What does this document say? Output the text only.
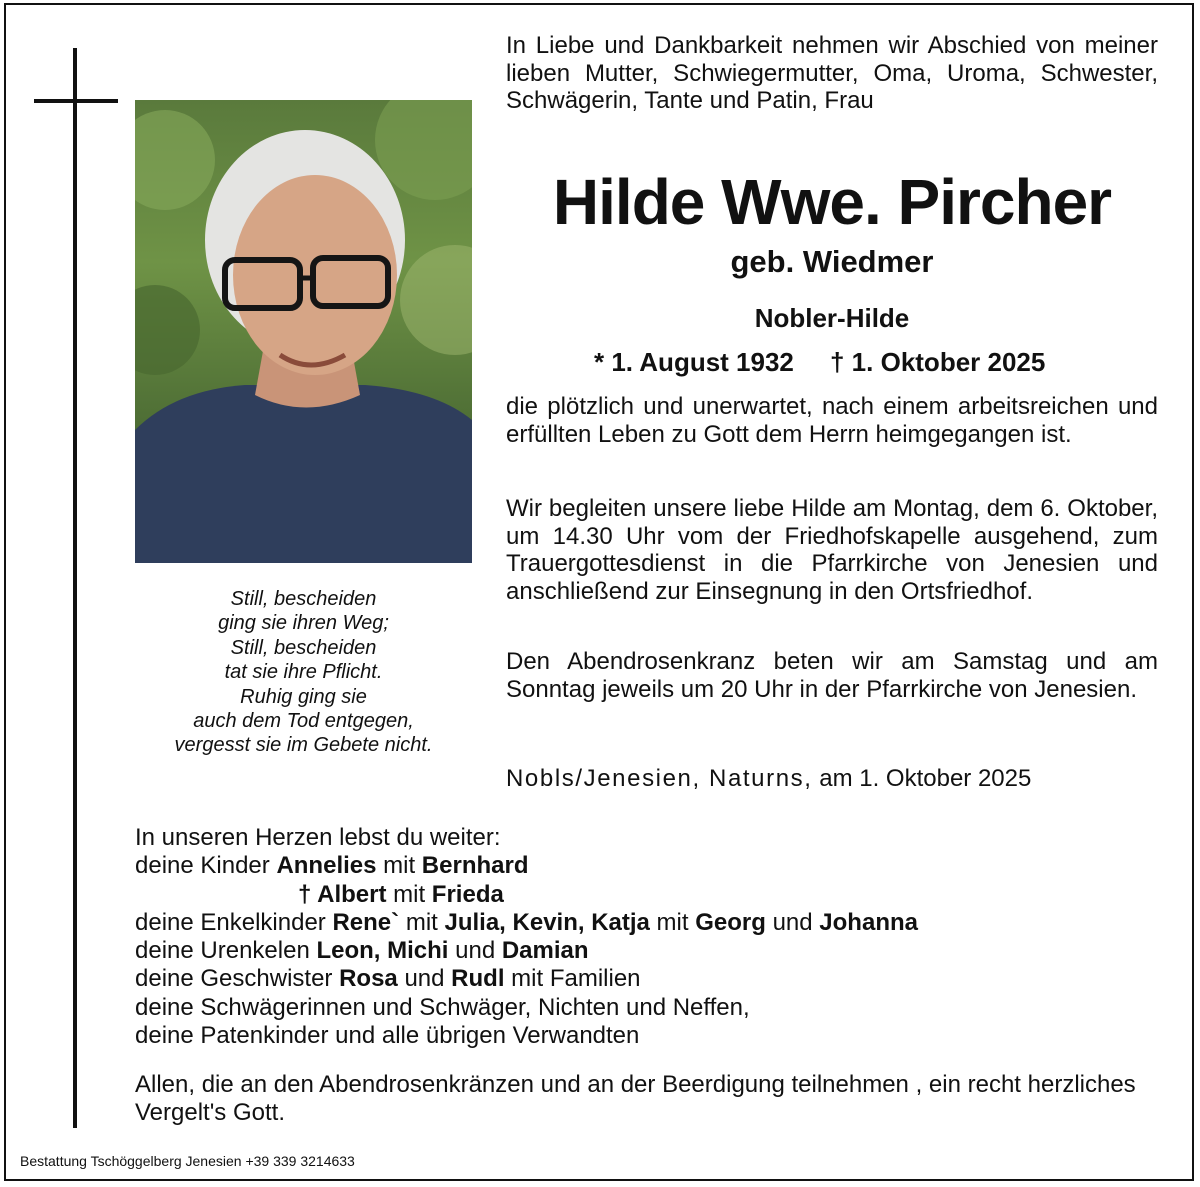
Still, bescheiden
ging sie ihren Weg;
Still, bescheiden
tat sie ihre Pflicht.
Ruhig ging sie
auch dem Tod entgegen,
vergesst sie im Gebete nicht.
In Liebe und Dankbarkeit nehmen wir Abschied von meiner lieben Mutter, Schwiegermutter, Oma, Uroma, Schwester, Schwägerin, Tante und Patin, Frau
Hilde Wwe. Pircher
geb. Wiedmer
Nobler-Hilde
* 1. August 1932 † 1. Oktober 2025
die plötzlich und unerwartet, nach einem arbeitsreichen und erfüllten Leben zu Gott dem Herrn heimgegangen ist.
Wir begleiten unsere liebe Hilde am Montag, dem 6. Oktober, um 14.30 Uhr vom der Friedhofskapelle ausgehend, zum Trauergottesdienst in die Pfarrkirche von Jenesien und anschließend zur Einsegnung in den Ortsfriedhof.
Den Abendrosenkranz beten wir am Samstag und am Sonntag jeweils um 20 Uhr in der Pfarrkirche von Jenesien.
Nobls/Jenesien, Naturns, am 1. Oktober 2025
In unseren Herzen lebst du weiter:
deine Kinder Annelies mit Bernhard
† Albert mit Frieda
deine Enkelkinder Rene` mit Julia, Kevin, Katja mit Georg und Johanna
deine Urenkelen Leon, Michi und Damian
deine Geschwister Rosa und Rudl mit Familien
deine Schwägerinnen und Schwäger, Nichten und Neffen,
deine Patenkinder und alle übrigen Verwandten
Allen, die an den Abendrosenkränzen und an der Beerdigung teilnehmen , ein recht herzliches Vergelt's Gott.
Bestattung Tschöggelberg Jenesien +39 339 3214633
